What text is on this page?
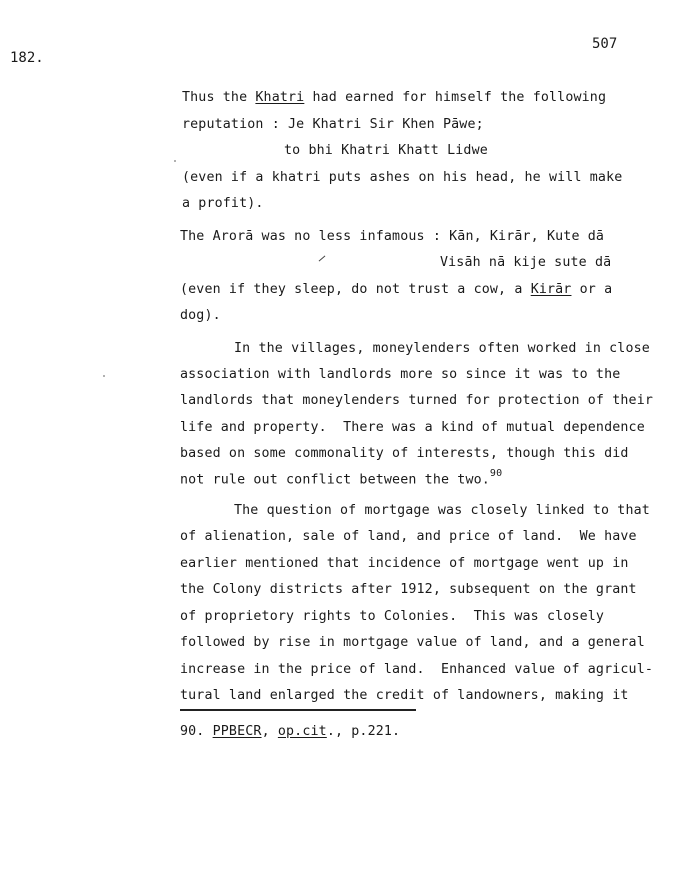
182.
507
Thus the Khatri had earned for himself the following
reputation : Je Khatri Sir Khen Pāwe;
to bhi Khatri Khatt Lidwe
(even if a khatri puts ashes on his head, he will make
a profit).
The Arorā was no less infamous : Kān, Kirār, Kute dā
Visāh nā kije sute dā
(even if they sleep, do not trust a cow, a Kirār or a
dog).
In the villages, moneylenders often worked in close
association with landlords more so since it was to the
landlords that moneylenders turned for protection of their
life and property.  There was a kind of mutual dependence
based on some commonality of interests, though this did
not rule out conflict between the two.$^{90}$
The question of mortgage was closely linked to that
of alienation, sale of land, and price of land.  We have
earlier mentioned that incidence of mortgage went up in
the Colony districts after 1912, subsequent on the grant
of proprietory rights to Colonies.  This was closely
followed by rise in mortgage value of land, and a general
increase in the price of land.  Enhanced value of agricul-
tural land enlarged the credit of landowners, making it
90. PPBECR, op.cit., p.221.
